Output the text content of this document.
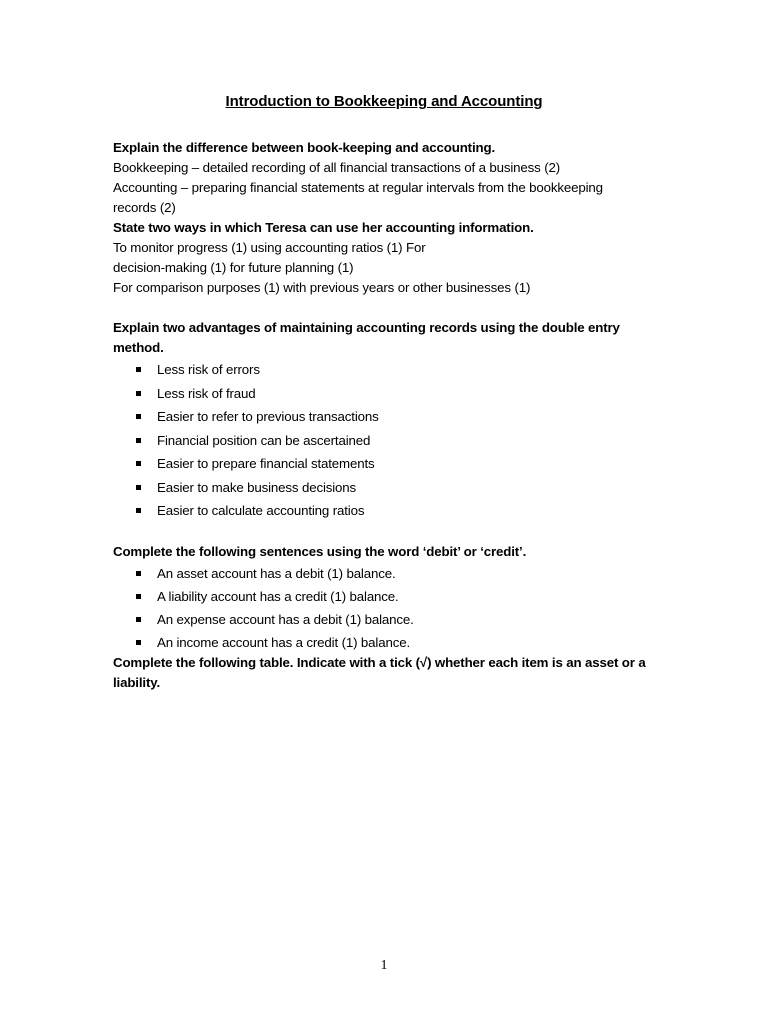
Introduction to Bookkeeping and Accounting

Explain the difference between book-keeping and accounting.

Bookkeeping – detailed recording of all financial transactions of a business (2)

Accounting – preparing financial statements at regular intervals from the bookkeeping

records (2)

State two ways in which Teresa can use her accounting information.

To monitor progress (1) using accounting ratios (1) For

decision-making (1) for future planning (1)

For comparison purposes (1) with previous years or other businesses (1)

Explain two advantages of maintaining accounting records using the double entry

method.

Less risk of errors
Less risk of fraud
Easier to refer to previous transactions
Financial position can be ascertained
Easier to prepare financial statements
Easier to make business decisions
Easier to calculate accounting ratios

Complete the following sentences using the word ‘debit’ or ‘credit’.

An asset account has a debit (1) balance.
A liability account has a credit (1) balance.
An expense account has a debit (1) balance.
An income account has a credit (1) balance.

Complete the following table. Indicate with a tick (√) whether each item is an asset or a

liability.

1
